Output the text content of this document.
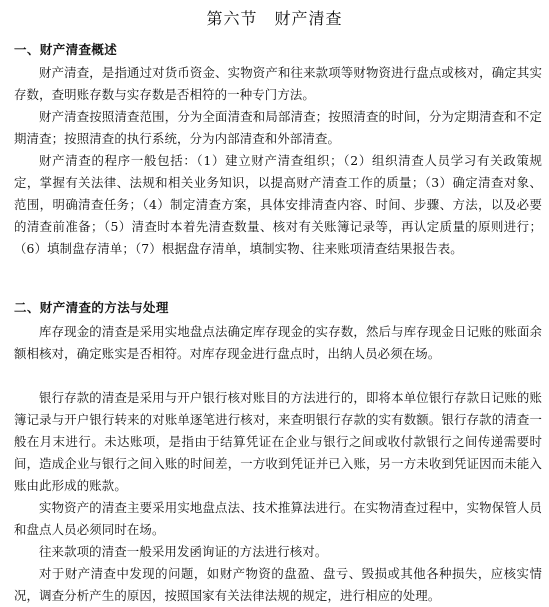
第六节　财产清查
一、财产清查概述

财产清查，是指通过对货币资金、实物资产和往来款项等财物资进行盘点或核对，确定其实存数，查明账存数与实存数是否相符的一种专门方法。

财产清查按照清查范围，分为全面清查和局部清查；按照清查的时间，分为定期清查和不定期清查；按照清查的执行系统，分为内部清查和外部清查。

财产清查的程序一般包括：（1）建立财产清查组织；（2）组织清查人员学习有关政策规定，掌握有关法律、法规和相关业务知识，以提高财产清查工作的质量；（3）确定清查对象、范围，明确清查任务；（4）制定清查方案，具体安排清查内容、时间、步骤、方法，以及必要的清查前准备；（5）清查时本着先清查数量、核对有关账簿记录等，再认定质量的原则进行；（6）填制盘存清单；（7）根据盘存清单，填制实物、往来账项清查结果报告表。

二、财产清查的方法与处理

库存现金的清查是采用实地盘点法确定库存现金的实存数，然后与库存现金日记账的账面余额相核对，确定账实是否相符。对库存现金进行盘点时，出纳人员必须在场。

银行存款的清查是采用与开户银行核对账目的方法进行的，即将本单位银行存款日记账的账簿记录与开户银行转来的对账单逐笔进行核对，来查明银行存款的实有数额。银行存款的清查一般在月末进行。未达账项，是指由于结算凭证在企业与银行之间或收付款银行之间传递需要时间，造成企业与银行之间入账的时间差，一方收到凭证并已入账，另一方未收到凭证因而未能入账由此形成的账款。

实物资产的清查主要采用实地盘点法、技术推算法进行。在实物清查过程中，实物保管人员和盘点人员必须同时在场。

往来款项的清查一般采用发函询证的方法进行核对。

对于财产清查中发现的问题，如财产物资的盘盈、盘亏、毁损或其他各种损失，应核实情况，调查分析产生的原因，按照国家有关法律法规的规定，进行相应的处理。
